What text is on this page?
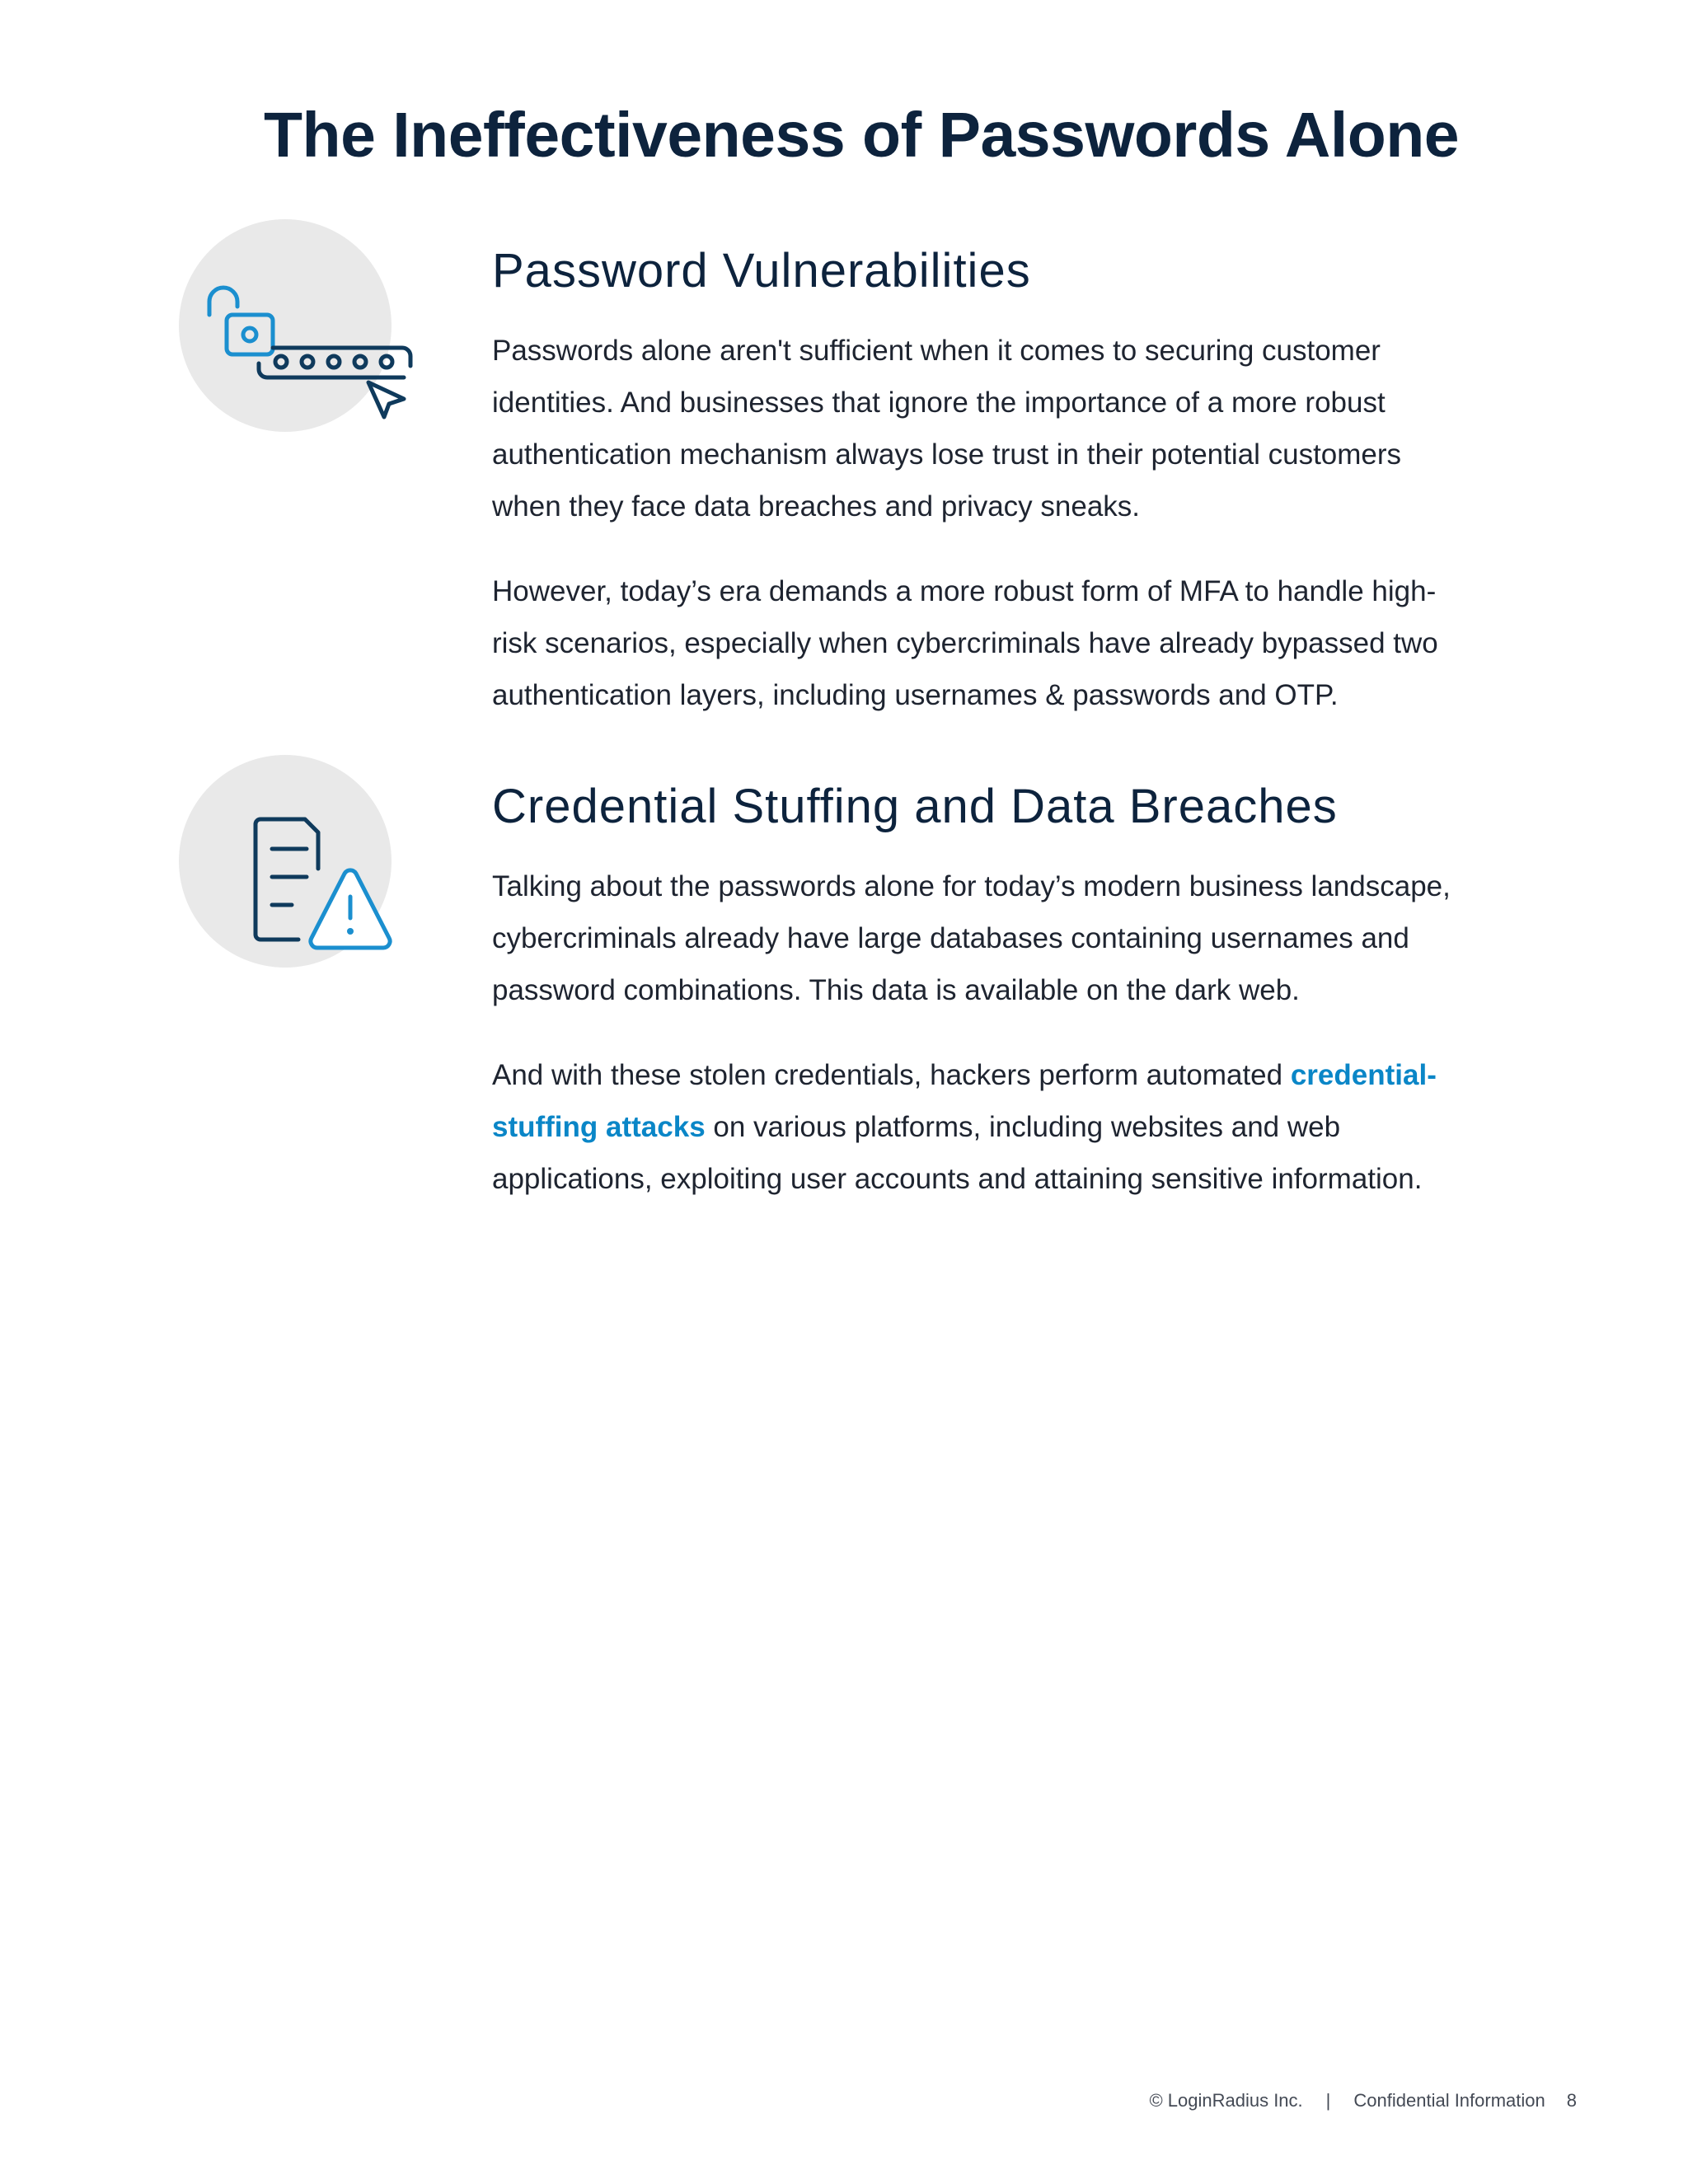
The Ineffectiveness of Passwords Alone
Password Vulnerabilities

Passwords alone aren't sufficient when it comes to securing customer identities. And businesses that ignore the importance of a more robust authentication mechanism always lose trust in their potential customers when they face data breaches and privacy sneaks.

However, today’s era demands a more robust form of MFA to handle high-risk scenarios, especially when cybercriminals have already bypassed two authentication layers, including usernames & passwords and OTP.

Credential Stuffing and Data Breaches

Talking about the passwords alone for today’s modern business landscape, cybercriminals already have large databases containing usernames and password combinations. This data is available on the dark web.

And with these stolen credentials, hackers perform automated credential-stuffing attacks on various platforms, including websites and web applications, exploiting user accounts and attaining sensitive information.

© LoginRadius Inc. | Confidential Information 8
